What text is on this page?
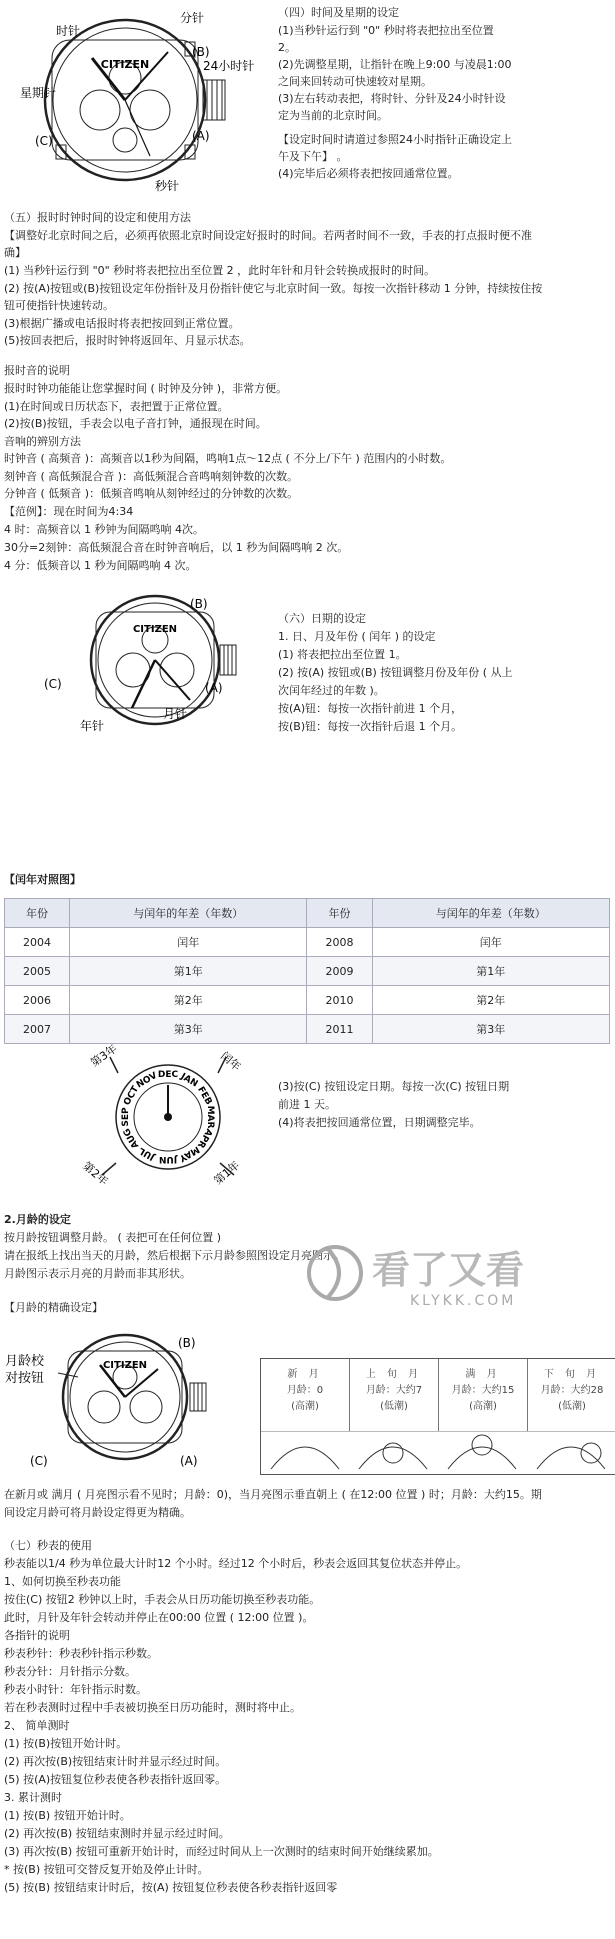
CITIZEN
时针
分针
(B)
24小时针
星期针
(C)	(A)
秒针
（四）时间及星期的设定
(1)当秒针运行到 "0" 秒时将表把拉出至位置
2。
(2)先调整星期，让指针在晚上9:00 与凌晨1:00
之间来回转动可快速较对星期。
(3)左右转动表把，将时针、分针及24小时针设
定为当前的北京时间。
【设定时间时请道过参照24小时指针正确设定上
午及下午】 。
(4)完毕后必须将表把按回通常位置。
（五）报时时钟时间的设定和使用方法
【调整好北京时间之后，必须再依照北京时间设定好报时的时间。若两者时间不一致，手表的打点报时便不准
确】
(1) 当秒针运行到 "0" 秒时将表把拉出至位置 2 ，此时年针和月针会转换成报时的时间。
(2) 按(A)按钮或(B)按钮设定年份指针及月份指针使它与北京时间一致。每按一次指针移动 1 分钟，持续按住按
钮可使指针快速转动。
(3)根据广播或电话报时将表把按回到正常位置。
(5)按回表把后，报时时钟将返回年、月显示状态。
报时音的说明
报时时钟功能能让您掌握时间 ( 时钟及分钟 )，非常方便。
(1)在时间或日历状态下，表把置于正常位置。
(2)按(B)按钮，手表会以电子音打钟，通报现在时间。
音响的辨别方法
时钟音 ( 高频音 )：高频音以1秒为间隔，鸣响1点～12点 ( 不分上/下午 ) 范围内的小时数。
刻钟音 ( 高低频混合音 )：高低频混合音鸣响刻钟数的次数。
分钟音 ( 低频音 )：低频音鸣响从刻钟经过的分钟数的次数。
【范例】：现在时间为4:34
4 时：高频音以 1 秒钟为间隔鸣响 4次。
30分=2刻钟：高低频混合音在时钟音响后，以 1 秒为间隔鸣响 2 次。
4 分：低频音以 1 秒为间隔鸣响 4 次。
CITIZEN
(B)
(C)	(A)
年针
月针
（六）日期的设定
1. 日、月及年份 ( 闰年 ) 的设定
(1) 将表把拉出至位置 1。
(2) 按(A) 按钮或(B) 按钮调整月份及年份 ( 从上
次闰年经过的年数 )。
按(A)钮：每按一次指针前进 1 个月，
按(B)钮：每按一次指针后退 1 个月。
【闰年对照图】
年份	与闰年的年差（年数）	年份	与闰年的年差（年数）
2004	闰年	2008	闰年
2005	第1年	2009	第1年
2006	第2年	2010	第2年
2007	第3年	2011	第3年
JAN
FEB
MAR
APR
MAY
JUN
JUL
AUG
SEP
OCT
NOV
DEC
第3年	闰年
第1年
第2年
(3)按(C) 按钮设定日期。每按一次(C) 按钮日期
前进 1 天。
(4)将表把按回通常位置，日期调整完毕。
2.月龄的设定
按月龄按钮调整月龄。 ( 表把可在任何位置 )
请在报纸上找出当天的月龄，然后根据下示月龄参照图设定月亮图示。
月龄图示表示月亮的月龄而非其形状。	看了又看
KLYKK.COM
【月龄的精确设定】
CITIZEN
月龄校
对按钮
(B)
(C)	(A)
新 月
月龄：0
(高潮)
上 旬 月
月龄：大约7
(低潮)
满 月
月龄：大约15
(高潮)
下 旬 月
月龄：大约28
(低潮)
在新月或 满月 ( 月亮图示看不见时；月龄：0)，当月亮图示垂直朝上 ( 在12:00 位置 ) 时；月龄：大约15。期
间设定月龄可将月龄设定得更为精确。
（七）秒表的使用
秒表能以1/4 秒为单位最大计时12 个小时。经过12 个小时后，秒表会返回其复位状态并停止。
1、如何切换至秒表功能
按住(C) 按钮2 秒钟以上时，手表会从日历功能切换至秒表功能。
此时，月针及年针会转动并停止在00:00 位置 ( 12:00 位置 )。
各指针的说明
秒表秒针：秒表秒针指示秒数。
秒表分针：月针指示分数。
秒表小时针：年针指示时数。
若在秒表测时过程中手表被切换至日历功能时，测时将中止。
2、 简单测时
(1) 按(B)按钮开始计时。
(2) 再次按(B)按钮结束计时并显示经过时间。
(5) 按(A)按钮复位秒表使各秒表指针返回零。
3. 累计测时
(1) 按(B) 按钮开始计时。
(2) 再次按(B) 按钮结束测时并显示经过时间。
(3) 再次按(B) 按钮可重新开始计时，而经过时间从上一次测时的结束时间开始继续累加。
* 按(B) 按钮可交替反复开始及停止计时。
(5) 按(B) 按钮结束计时后，按(A) 按钮复位秒表使各秒表指针返回零
